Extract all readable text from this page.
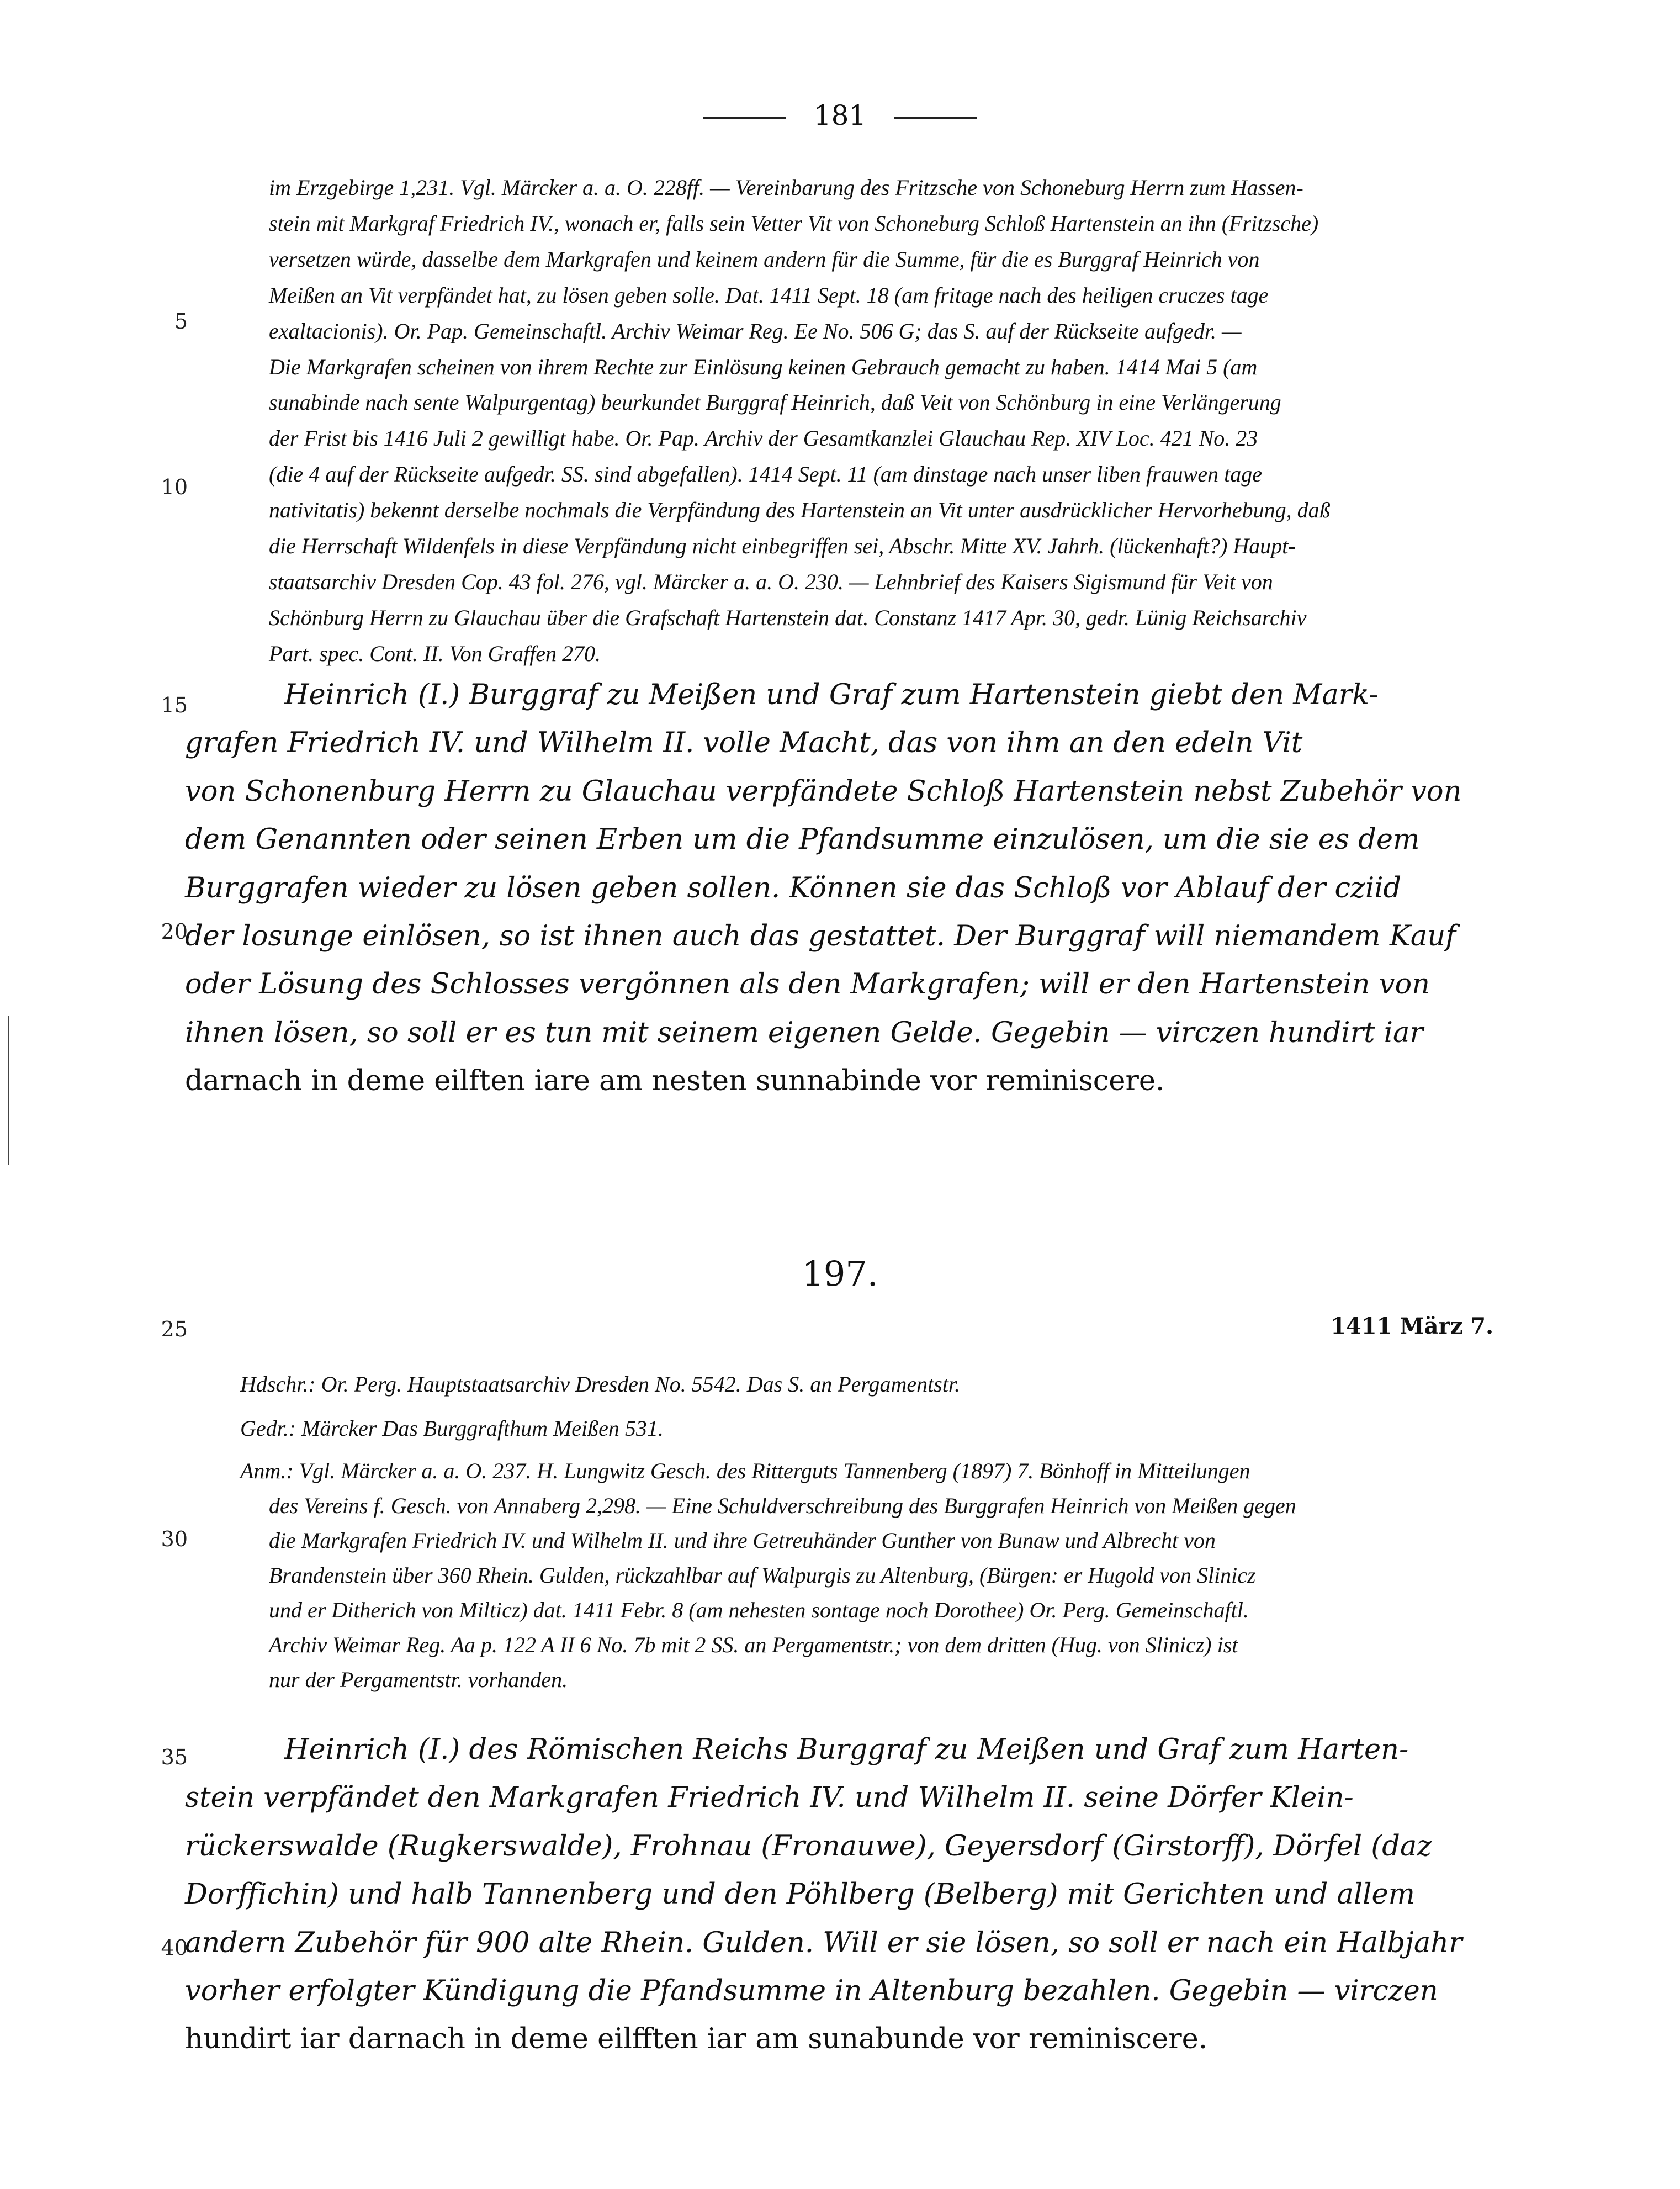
181
im Erzgebirge 1,231. Vgl. Märcker a. a. O. 228ff. — Vereinbarung des Fritzsche von Schoneburg Herrn zum Hassen-
stein mit Markgraf Friedrich IV., wonach er, falls sein Vetter Vit von Schoneburg Schloß Hartenstein an ihn (Fritzsche)
versetzen würde, dasselbe dem Markgrafen und keinem andern für die Summe, für die es Burggraf Heinrich von
Meißen an Vit verpfändet hat, zu lösen geben solle. Dat. 1411 Sept. 18 (am fritage nach des heiligen cruczes tage
exaltacionis). Or. Pap. Gemeinschaftl. Archiv Weimar Reg. Ee No. 506 G; das S. auf der Rückseite aufgedr. —
Die Markgrafen scheinen von ihrem Rechte zur Einlösung keinen Gebrauch gemacht zu haben. 1414 Mai 5 (am
sunabinde nach sente Walpurgentag) beurkundet Burggraf Heinrich, daß Veit von Schönburg in eine Verlängerung
der Frist bis 1416 Juli 2 gewilligt habe. Or. Pap. Archiv der Gesamtkanzlei Glauchau Rep. XIV Loc. 421 No. 23
(die 4 auf der Rückseite aufgedr. SS. sind abgefallen). 1414 Sept. 11 (am dinstage nach unser liben frauwen tage
nativitatis) bekennt derselbe nochmals die Verpfändung des Hartenstein an Vit unter ausdrücklicher Hervorhebung, daß
die Herrschaft Wildenfels in diese Verpfändung nicht einbegriffen sei, Abschr. Mitte XV. Jahrh. (lückenhaft?) Haupt-
staatsarchiv Dresden Cop. 43 fol. 276, vgl. Märcker a. a. O. 230. — Lehnbrief des Kaisers Sigismund für Veit von
Schönburg Herrn zu Glauchau über die Grafschaft Hartenstein dat. Constanz 1417 Apr. 30, gedr. Lünig Reichsarchiv
Part. spec. Cont. II. Von Graffen 270.
5
10
15
20
25
30
35
40
Heinrich (I.) Burggraf zu Meißen und Graf zum Hartenstein giebt den Mark-
grafen Friedrich IV. und Wilhelm II. volle Macht, das von ihm an den edeln Vit
von Schonenburg Herrn zu Glauchau verpfändete Schloß Hartenstein nebst Zubehör von
dem Genannten oder seinen Erben um die Pfandsumme einzulösen, um die sie es dem
Burggrafen wieder zu lösen geben sollen. Können sie das Schloß vor Ablauf der cziid
der losunge einlösen, so ist ihnen auch das gestattet. Der Burggraf will niemandem Kauf
oder Lösung des Schlosses vergönnen als den Markgrafen; will er den Hartenstein von
ihnen lösen, so soll er es tun mit seinem eigenen Gelde. Gegebin — virczen hundirt iar
darnach in deme eilften iare am nesten sunnabinde vor reminiscere.
197.
1411 März 7.
Hdschr.: Or. Perg. Hauptstaatsarchiv Dresden No. 5542. Das S. an Pergamentstr.
Gedr.: Märcker Das Burggrafthum Meißen 531.
Anm.: Vgl. Märcker a. a. O. 237. H. Lungwitz Gesch. des Ritterguts Tannenberg (1897) 7. Bönhoff in Mitteilungen
des Vereins f. Gesch. von Annaberg 2,298. — Eine Schuldverschreibung des Burggrafen Heinrich von Meißen gegen
die Markgrafen Friedrich IV. und Wilhelm II. und ihre Getreuhänder Gunther von Bunaw und Albrecht von
Brandenstein über 360 Rhein. Gulden, rückzahlbar auf Walpurgis zu Altenburg, (Bürgen: er Hugold von Slinicz
und er Ditherich von Milticz) dat. 1411 Febr. 8 (am nehesten sontage noch Dorothee) Or. Perg. Gemeinschaftl.
Archiv Weimar Reg. Aa p. 122 A II 6 No. 7b mit 2 SS. an Pergamentstr.; von dem dritten (Hug. von Slinicz) ist
nur der Pergamentstr. vorhanden.
Heinrich (I.) des Römischen Reichs Burggraf zu Meißen und Graf zum Harten-
stein verpfändet den Markgrafen Friedrich IV. und Wilhelm II. seine Dörfer Klein-
rückerswalde (Rugkerswalde), Frohnau (Fronauwe), Geyersdorf (Girstorff), Dörfel (daz
Dorffichin) und halb Tannenberg und den Pöhlberg (Belberg) mit Gerichten und allem
andern Zubehör für 900 alte Rhein. Gulden. Will er sie lösen, so soll er nach ein Halbjahr
vorher erfolgter Kündigung die Pfandsumme in Altenburg bezahlen. Gegebin — virczen
hundirt iar darnach in deme eilfften iar am sunabunde vor reminiscere.
